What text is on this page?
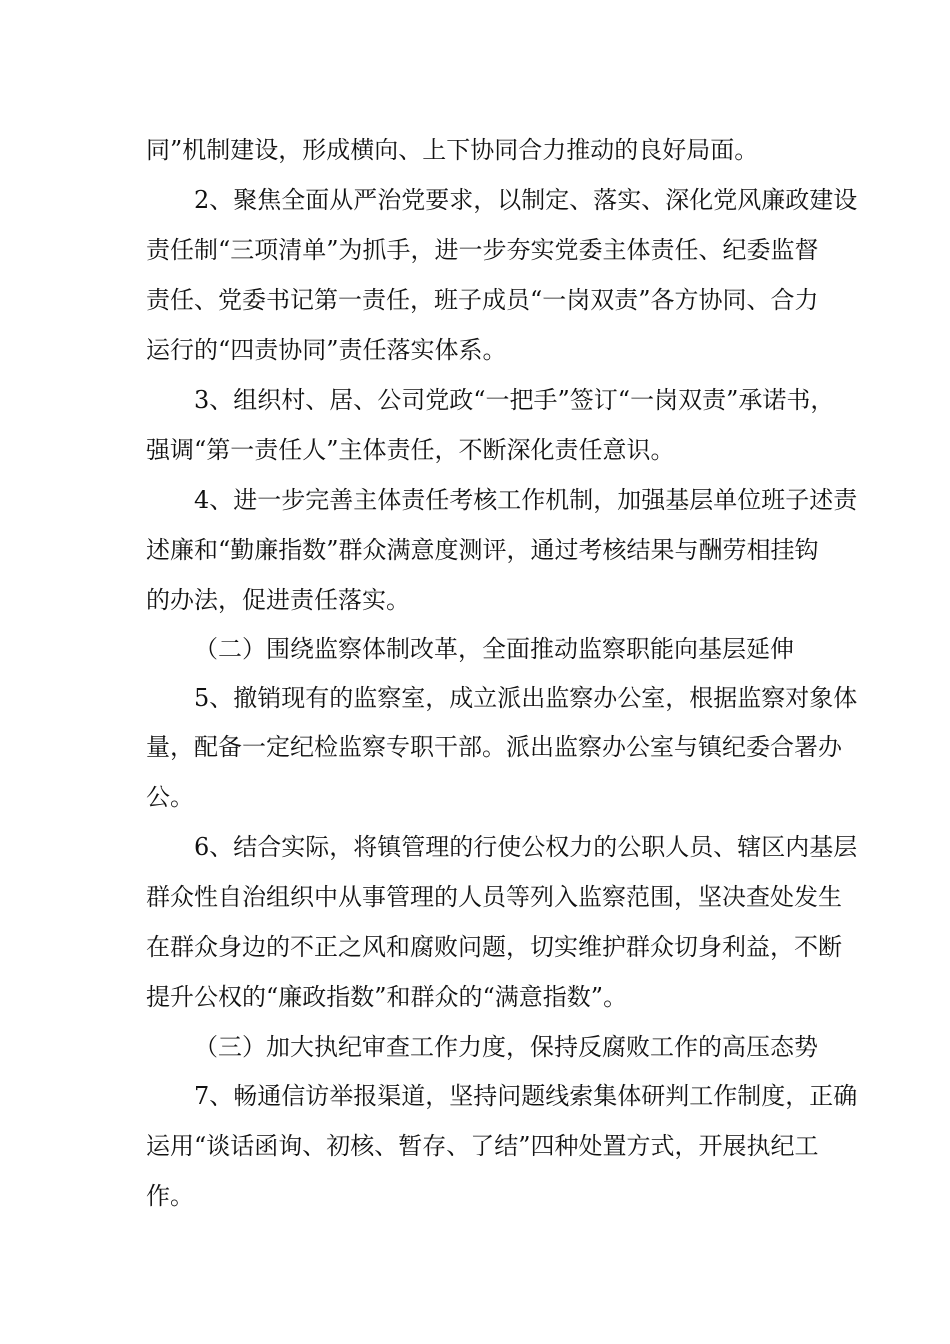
同”机制建设，形成横向、上下协同合力推动的良好局面。
2、聚焦全面从严治党要求，以制定、落实、深化党风廉政建设
责任制“三项清单”为抓手，进一步夯实党委主体责任、纪委监督
责任、党委书记第一责任，班子成员“一岗双责”各方协同、合力
运行的“四责协同”责任落实体系。
3、组织村、居、公司党政“一把手”签订“一岗双责”承诺书，
强调“第一责任人”主体责任，不断深化责任意识。
4、进一步完善主体责任考核工作机制，加强基层单位班子述责
述廉和“勤廉指数”群众满意度测评，通过考核结果与酬劳相挂钩
的办法，促进责任落实。
（二）围绕监察体制改革，全面推动监察职能向基层延伸
5、撤销现有的监察室，成立派出监察办公室，根据监察对象体
量，配备一定纪检监察专职干部。派出监察办公室与镇纪委合署办
公。
6、结合实际，将镇管理的行使公权力的公职人员、辖区内基层
群众性自治组织中从事管理的人员等列入监察范围，坚决查处发生
在群众身边的不正之风和腐败问题，切实维护群众切身利益，不断
提升公权的“廉政指数”和群众的“满意指数”。
（三）加大执纪审查工作力度，保持反腐败工作的高压态势
7、畅通信访举报渠道，坚持问题线索集体研判工作制度，正确
运用“谈话函询、初核、暂存、了结”四种处置方式，开展执纪工
作。
